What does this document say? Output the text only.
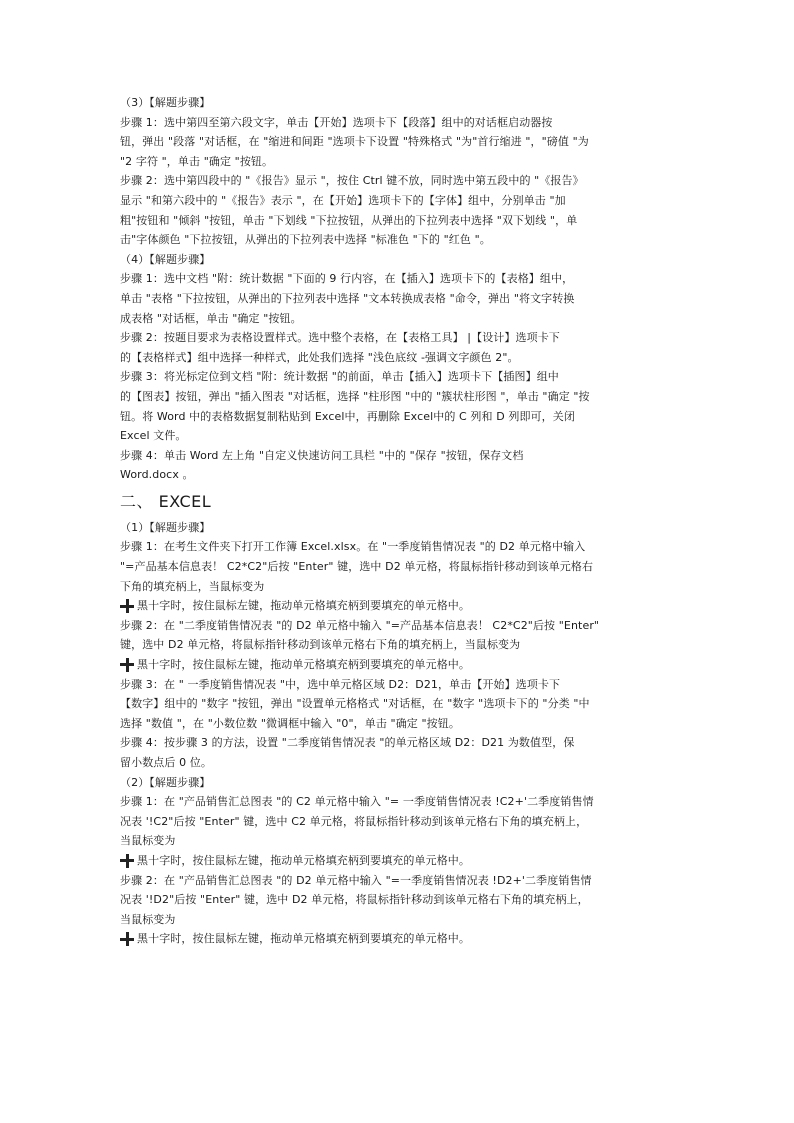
（3）【解题步骤】
步骤 1：选中第四至第六段文字，单击【开始】选项卡下【段落】组中的对话框启动器按
钮，弹出 "段落 "对话框，在 "缩进和间距 "选项卡下设置 "特殊格式 "为"首行缩进 "，"磅值 "为
"2 字符 "，单击 "确定 "按钮。
步骤 2：选中第四段中的 "《报告》显示 "，按住 Ctrl 键不放，同时选中第五段中的 "《报告》
显示 "和第六段中的 "《报告》表示 "，在【开始】选项卡下的【字体】组中，分别单击 "加
粗"按钮和 "倾斜 "按钮，单击 "下划线 "下拉按钮，从弹出的下拉列表中选择 "双下划线 "，单
击"字体颜色 "下拉按钮，从弹出的下拉列表中选择 "标准色 "下的 "红色 "。
（4）【解题步骤】
步骤 1：选中文档 "附：统计数据 "下面的 9 行内容，在【插入】选项卡下的【表格】组中，
单击 "表格 "下拉按钮，从弹出的下拉列表中选择 "文本转换成表格 "命令，弹出 "将文字转换
成表格 "对话框，单击 "确定 "按钮。
步骤 2：按题目要求为表格设置样式。选中整个表格，在【表格工具】 |【设计】选项卡下
的【表格样式】组中选择一种样式，此处我们选择 "浅色底纹 -强调文字颜色 2"。
步骤 3：将光标定位到文档 "附：统计数据 "的前面，单击【插入】选项卡下【插图】组中
的【图表】按钮，弹出 "插入图表 "对话框，选择 "柱形图 "中的 "簇状柱形图 "，单击 "确定 "按
钮。将 Word 中的表格数据复制粘贴到 Excel中，再删除 Excel中的 C 列和 D 列即可，关闭
Excel 文件。
步骤 4：单击 Word 左上角 "自定义快速访问工具栏 "中的 "保存 "按钮，保存文档
Word.docx 。
二、 EXCEL
（1）【解题步骤】
步骤 1：在考生文件夹下打开工作簿 Excel.xlsx。在 "一季度销售情况表 "的 D2 单元格中输入
"=产品基本信息表！ C2*C2"后按 "Enter" 键，选中 D2 单元格，将鼠标指针移动到该单元格右
下角的填充柄上，当鼠标变为
黑十字时，按住鼠标左键，拖动单元格填充柄到要填充的单元格中。
步骤 2：在 "二季度销售情况表 "的 D2 单元格中输入 "=产品基本信息表！ C2*C2"后按 "Enter"
键，选中 D2 单元格，将鼠标指针移动到该单元格右下角的填充柄上，当鼠标变为
黑十字时，按住鼠标左键，拖动单元格填充柄到要填充的单元格中。
步骤 3：在 " 一季度销售情况表 "中，选中单元格区域 D2：D21，单击【开始】选项卡下
【数字】组中的 "数字 "按钮，弹出 "设置单元格格式 "对话框，在 "数字 "选项卡下的 "分类 "中
选择 "数值 "，在 "小数位数 "微调框中输入 "0"，单击 "确定 "按钮。
步骤 4：按步骤 3 的方法，设置 "二季度销售情况表 "的单元格区域 D2：D21 为数值型，保
留小数点后 0 位。
（2）【解题步骤】
步骤 1：在 "产品销售汇总图表 "的 C2 单元格中输入 "= 一季度销售情况表 !C2+'二季度销售情
况表 '!C2"后按 "Enter" 键，选中 C2 单元格，将鼠标指针移动到该单元格右下角的填充柄上，
当鼠标变为
黑十字时，按住鼠标左键，拖动单元格填充柄到要填充的单元格中。
步骤 2：在 "产品销售汇总图表 "的 D2 单元格中输入 "=一季度销售情况表 !D2+'二季度销售情
况表 '!D2"后按 "Enter" 键，选中 D2 单元格，将鼠标指针移动到该单元格右下角的填充柄上，
当鼠标变为
黑十字时，按住鼠标左键，拖动单元格填充柄到要填充的单元格中。
